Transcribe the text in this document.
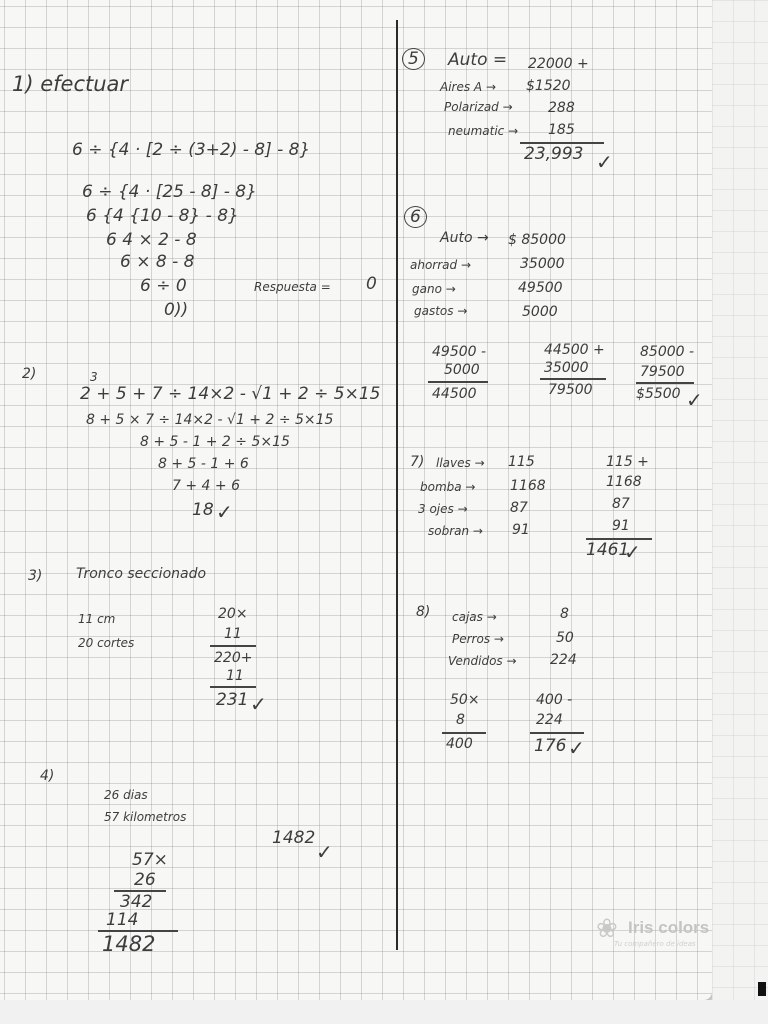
1) efectuar
6 ÷ {4 · [2 ÷ (3+2) - 8] - 8}
6 ÷ {4 · [25 - 8] - 8}
6 {4 {10 - 8} - 8}
6 4 × 2 - 8
6 × 8 - 8
6 ÷ 0	Respuesta = 0
0))
2)	3
2 + 5 + 7 ÷ 14×2 - √1 + 2 ÷ 5×15
8 + 5 × 7 ÷ 14×2 - √1 + 2 ÷ 5×15
8 + 5 - 1 + 2 ÷ 5×15
8 + 5 - 1 + 6
7 + 4 + 6
18 ✓
3) Tronco seccionado
11 cm
20 cortes
20×
11
220+
11
231 ✓
4)
26 dias
57 kilometros
1482
✓
57×
26
342
114
1482
5	Auto = 22000 +
Aires A → $1520
Polarizad →	288
neumatic → 185
23,993 ✓
6
Auto → $ 85000
ahorrad →	35000
gano →	49500
gastos →	5000
49500 -
5000
44500
44500 +
35000
79500
85000 -
79500
$5500 ✓
7) llaves → 115
bomba → 1168
3 ojes →	87
sobran → 91
115 +
1168
87
91
1461
✓
8) cajas →	8
Perros →	50
Vendidos → 224
50×
8
400
400 -
224
176 ✓
❀ Iris colors
Tu compañero de ideas
